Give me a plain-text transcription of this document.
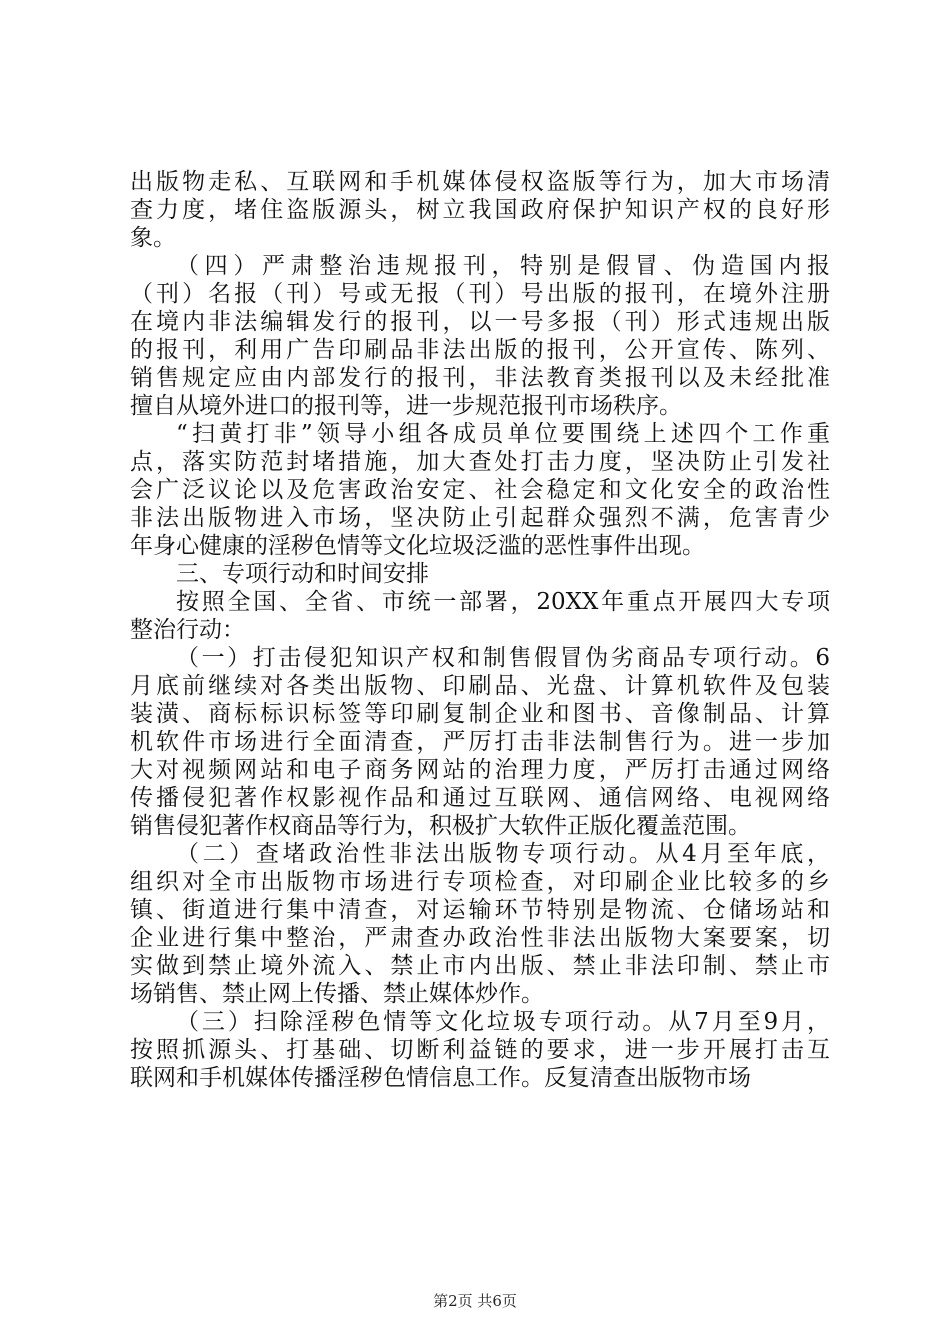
出版物走私、互联网和手机媒体侵权盗版等行为，加大市场清
查力度，堵住盗版源头，树立我国政府保护知识产权的良好形
象。
（四）严肃整治违规报刊，特别是假冒、伪造国内报
（刊）名报（刊）号或无报（刊）号出版的报刊，在境外注册
在境内非法编辑发行的报刊，以一号多报（刊）形式违规出版
的报刊，利用广告印刷品非法出版的报刊，公开宣传、陈列、
销售规定应由内部发行的报刊，非法教育类报刊以及未经批准
擅自从境外进口的报刊等，进一步规范报刊市场秩序。
“扫黄打非”领导小组各成员单位要围绕上述四个工作重
点，落实防范封堵措施，加大查处打击力度，坚决防止引发社
会广泛议论以及危害政治安定、社会稳定和文化安全的政治性
非法出版物进入市场，坚决防止引起群众强烈不满，危害青少
年身心健康的淫秽色情等文化垃圾泛滥的恶性事件出现。
三、专项行动和时间安排
按照全国、全省、市统一部署，20XX年重点开展四大专项
整治行动：
（一）打击侵犯知识产权和制售假冒伪劣商品专项行动。6
月底前继续对各类出版物、印刷品、光盘、计算机软件及包装
装潢、商标标识标签等印刷复制企业和图书、音像制品、计算
机软件市场进行全面清查，严厉打击非法制售行为。进一步加
大对视频网站和电子商务网站的治理力度，严厉打击通过网络
传播侵犯著作权影视作品和通过互联网、通信网络、电视网络
销售侵犯著作权商品等行为，积极扩大软件正版化覆盖范围。
（二）查堵政治性非法出版物专项行动。从4月至年底，
组织对全市出版物市场进行专项检查，对印刷企业比较多的乡
镇、街道进行集中清查，对运输环节特别是物流、仓储场站和
企业进行集中整治，严肃查办政治性非法出版物大案要案，切
实做到禁止境外流入、禁止市内出版、禁止非法印制、禁止市
场销售、禁止网上传播、禁止媒体炒作。
（三）扫除淫秽色情等文化垃圾专项行动。从7月至9月，
按照抓源头、打基础、切断利益链的要求，进一步开展打击互
联网和手机媒体传播淫秽色情信息工作。反复清查出版物市场
第2页 共6页
